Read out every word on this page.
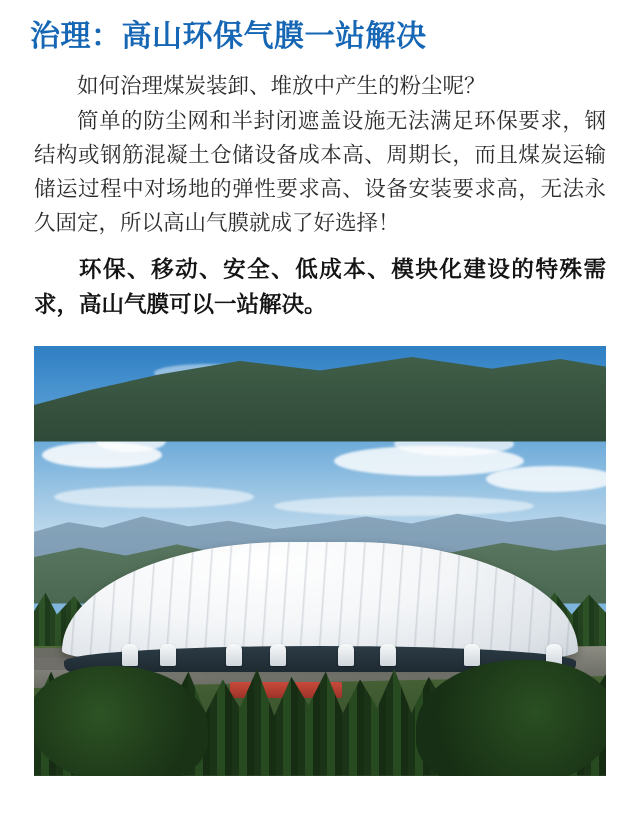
治理：高山环保气膜一站解决

如何治理煤炭装卸、堆放中产生的粉尘呢？

简单的防尘网和半封闭遮盖设施无法满足环保要求，钢结构或钢筋混凝土仓储设备成本高、周期长，而且煤炭运输储运过程中对场地的弹性要求高、设备安装要求高，无法永久固定，所以高山气膜就成了好选择！

环保、移动、安全、低成本、模块化建设的特殊需求，高山气膜可以一站解决。
